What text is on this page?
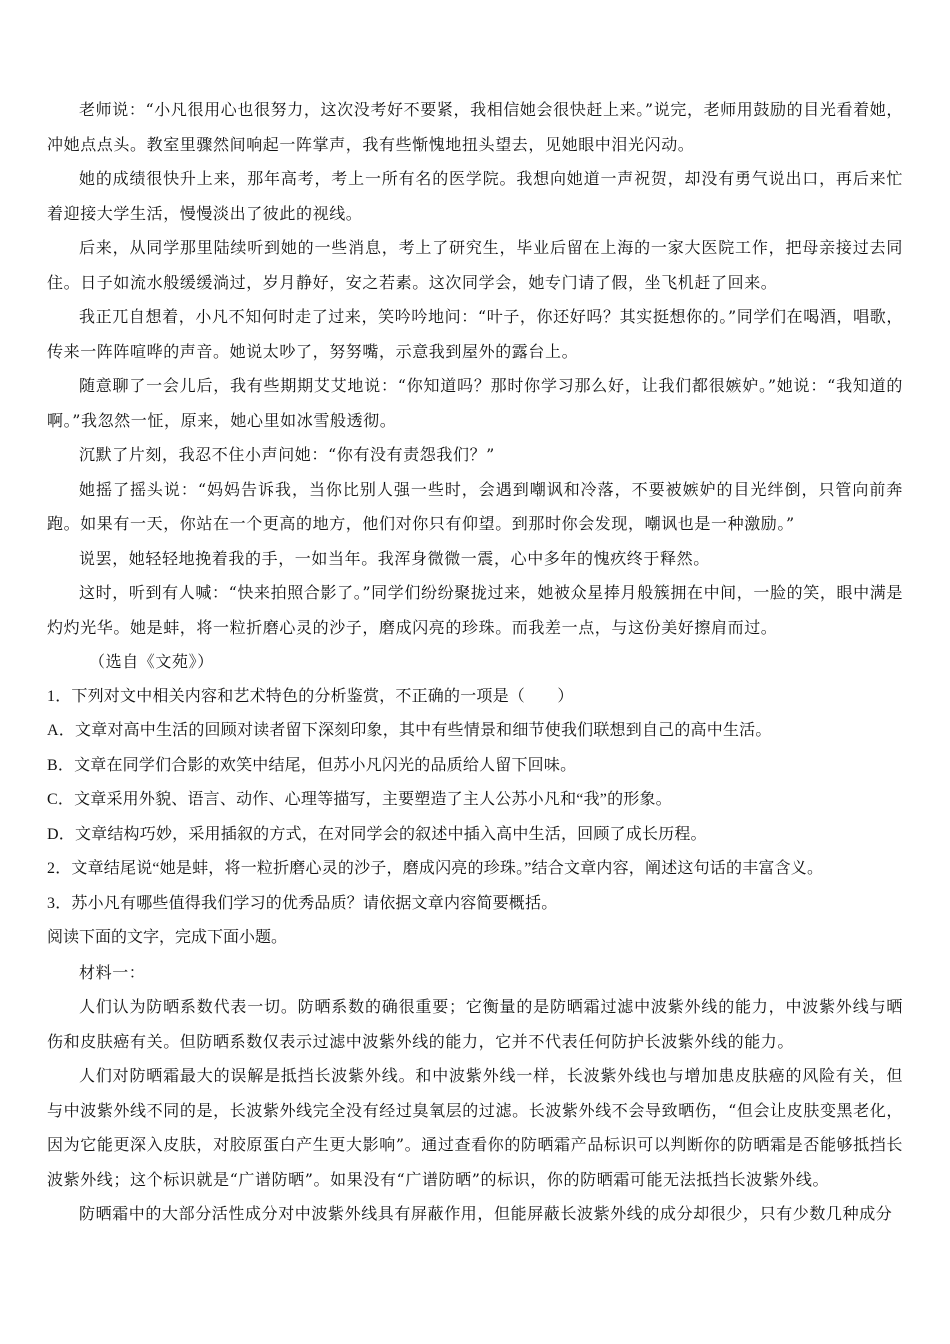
老师说：“小凡很用心也很努力，这次没考好不要紧，我相信她会很快赶上来。”说完，老师用鼓励的目光看着她，冲她点点头。教室里骤然间响起一阵掌声，我有些惭愧地扭头望去，见她眼中泪光闪动。

她的成绩很快升上来，那年高考，考上一所有名的医学院。我想向她道一声祝贺，却没有勇气说出口，再后来忙着迎接大学生活，慢慢淡出了彼此的视线。

后来，从同学那里陆续听到她的一些消息，考上了研究生，毕业后留在上海的一家大医院工作，把母亲接过去同住。日子如流水般缓缓淌过，岁月静好，安之若素。这次同学会，她专门请了假，坐飞机赶了回来。

我正兀自想着，小凡不知何时走了过来，笑吟吟地问：“叶子，你还好吗？其实挺想你的。”同学们在喝酒，唱歌，传来一阵阵喧哗的声音。她说太吵了，努努嘴，示意我到屋外的露台上。

随意聊了一会儿后，我有些期期艾艾地说：“你知道吗？那时你学习那么好，让我们都很嫉妒。”她说：“我知道的啊。”我忽然一怔，原来，她心里如冰雪般透彻。

沉默了片刻，我忍不住小声问她：“你有没有责怨我们？”

她摇了摇头说：“妈妈告诉我，当你比别人强一些时，会遇到嘲讽和冷落，不要被嫉妒的目光绊倒，只管向前奔跑。如果有一天，你站在一个更高的地方，他们对你只有仰望。到那时你会发现，嘲讽也是一种激励。”

说罢，她轻轻地挽着我的手，一如当年。我浑身微微一震，心中多年的愧疚终于释然。

这时，听到有人喊：“快来拍照合影了。”同学们纷纷聚拢过来，她被众星捧月般簇拥在中间，一脸的笑，眼中满是灼灼光华。她是蚌，将一粒折磨心灵的沙子，磨成闪亮的珍珠。而我差一点，与这份美好擦肩而过。

（选自《文苑》）

1．下列对文中相关内容和艺术特色的分析鉴赏，不正确的一项是（　　）

A．文章对高中生活的回顾对读者留下深刻印象，其中有些情景和细节使我们联想到自己的高中生活。

B．文章在同学们合影的欢笑中结尾，但苏小凡闪光的品质给人留下回味。

C．文章采用外貌、语言、动作、心理等描写，主要塑造了主人公苏小凡和“我”的形象。

D．文章结构巧妙，采用插叙的方式，在对同学会的叙述中插入高中生活，回顾了成长历程。

2．文章结尾说“她是蚌，将一粒折磨心灵的沙子，磨成闪亮的珍珠。”结合文章内容，阐述这句话的丰富含义。

3．苏小凡有哪些值得我们学习的优秀品质？请依据文章内容简要概括。

阅读下面的文字，完成下面小题。

材料一：

人们认为防晒系数代表一切。防晒系数的确很重要；它衡量的是防晒霜过滤中波紫外线的能力，中波紫外线与晒伤和皮肤癌有关。但防晒系数仅表示过滤中波紫外线的能力，它并不代表任何防护长波紫外线的能力。

人们对防晒霜最大的误解是抵挡长波紫外线。和中波紫外线一样，长波紫外线也与增加患皮肤癌的风险有关，但与中波紫外线不同的是，长波紫外线完全没有经过臭氧层的过滤。长波紫外线不会导致晒伤，“但会让皮肤变黑老化，因为它能更深入皮肤，对胶原蛋白产生更大影响”。通过查看你的防晒霜产品标识可以判断你的防晒霜是否能够抵挡长波紫外线；这个标识就是“广谱防晒”。如果没有“广谱防晒”的标识，你的防晒霜可能无法抵挡长波紫外线。

防晒霜中的大部分活性成分对中波紫外线具有屏蔽作用，但能屏蔽长波紫外线的成分却很少，只有少数几种成分
